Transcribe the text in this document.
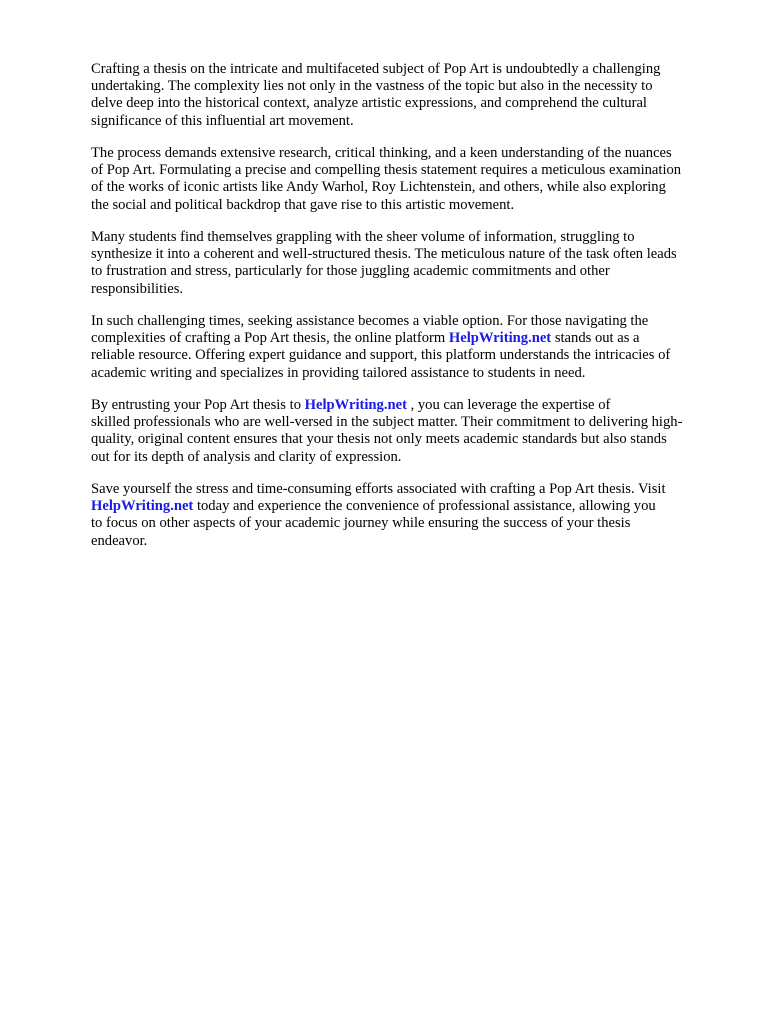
Crafting a thesis on the intricate and multifaceted subject of Pop Art is undoubtedly a challenging
undertaking. The complexity lies not only in the vastness of the topic but also in the necessity to
delve deep into the historical context, analyze artistic expressions, and comprehend the cultural
significance of this influential art movement.

The process demands extensive research, critical thinking, and a keen understanding of the nuances
of Pop Art. Formulating a precise and compelling thesis statement requires a meticulous examination
of the works of iconic artists like Andy Warhol, Roy Lichtenstein, and others, while also exploring
the social and political backdrop that gave rise to this artistic movement.

Many students find themselves grappling with the sheer volume of information, struggling to
synthesize it into a coherent and well-structured thesis. The meticulous nature of the task often leads
to frustration and stress, particularly for those juggling academic commitments and other
responsibilities.

In such challenging times, seeking assistance becomes a viable option. For those navigating the
complexities of crafting a Pop Art thesis, the online platform HelpWriting.net stands out as a
reliable resource. Offering expert guidance and support, this platform understands the intricacies of
academic writing and specializes in providing tailored assistance to students in need.

By entrusting your Pop Art thesis to HelpWriting.net , you can leverage the expertise of
skilled professionals who are well-versed in the subject matter. Their commitment to delivering high-
quality, original content ensures that your thesis not only meets academic standards but also stands
out for its depth of analysis and clarity of expression.

Save yourself the stress and time-consuming efforts associated with crafting a Pop Art thesis. Visit
HelpWriting.net today and experience the convenience of professional assistance, allowing you
to focus on other aspects of your academic journey while ensuring the success of your thesis
endeavor.
